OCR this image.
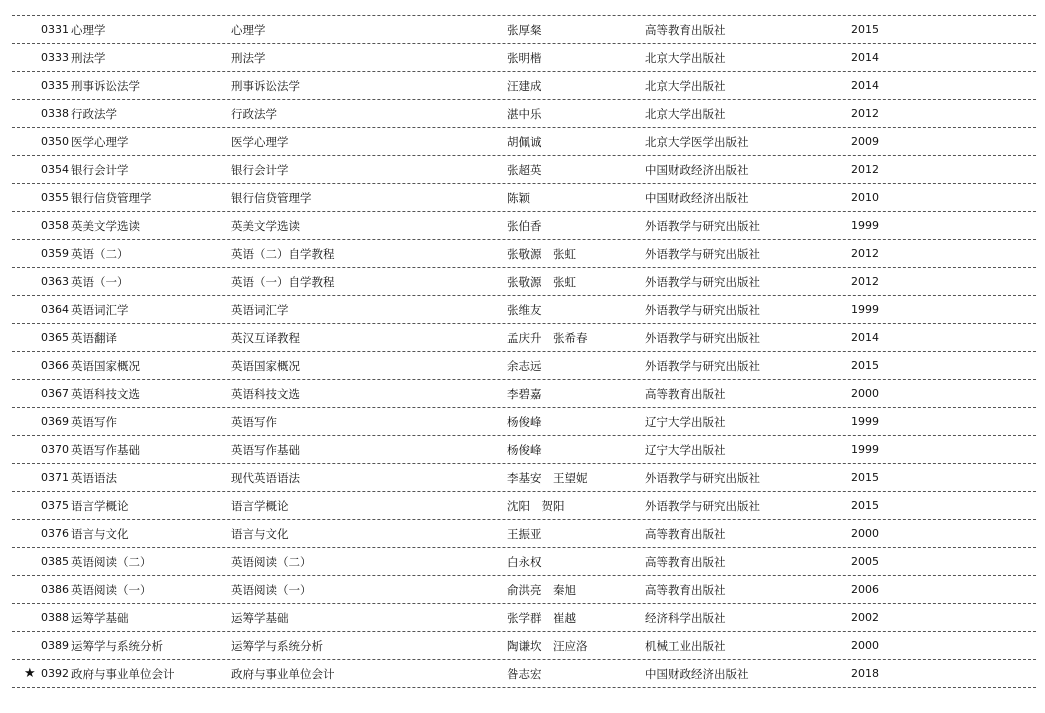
0331 心理学	心理学	张厚粲	高等教育出版社	2015
0333 刑法学	刑法学	张明楷	北京大学出版社	2014
0335 刑事诉讼法学	刑事诉讼法学	汪建成	北京大学出版社	2014
0338 行政法学	行政法学	湛中乐	北京大学出版社	2012
0350 医学心理学	医学心理学	胡佩诚	北京大学医学出版社	2009
0354 银行会计学	银行会计学	张超英	中国财政经济出版社	2012
0355 银行信贷管理学	银行信贷管理学	陈颖	中国财政经济出版社	2010
0358 英美文学选读	英美文学选读	张伯香	外语教学与研究出版社	1999
0359 英语（二）	英语（二）自学教程	张敬源　张虹	外语教学与研究出版社	2012
0363 英语（一）	英语（一）自学教程	张敬源　张虹	外语教学与研究出版社	2012
0364 英语词汇学	英语词汇学	张维友	外语教学与研究出版社	1999
0365 英语翻译	英汉互译教程	孟庆升　张希春	外语教学与研究出版社	2014
0366 英语国家概况	英语国家概况	余志远	外语教学与研究出版社	2015
0367 英语科技文选	英语科技文选	李碧嘉	高等教育出版社	2000
0369 英语写作	英语写作	杨俊峰	辽宁大学出版社	1999
0370 英语写作基础	英语写作基础	杨俊峰	辽宁大学出版社	1999
0371 英语语法	现代英语语法	李基安　王望妮	外语教学与研究出版社	2015
0375 语言学概论	语言学概论	沈阳　贺阳	外语教学与研究出版社	2015
0376 语言与文化	语言与文化	王振亚	高等教育出版社	2000
0385 英语阅读（二）	英语阅读（二）	白永权	高等教育出版社	2005
0386 英语阅读（一）	英语阅读（一）	俞洪亮　秦旭	高等教育出版社	2006
0388 运筹学基础	运筹学基础	张学群　崔越	经济科学出版社	2002
0389 运筹学与系统分析	运筹学与系统分析	陶谦坎　汪应洛	机械工业出版社	2000
★ 0392 政府与事业单位会计	政府与事业单位会计	昝志宏	中国财政经济出版社	2018
